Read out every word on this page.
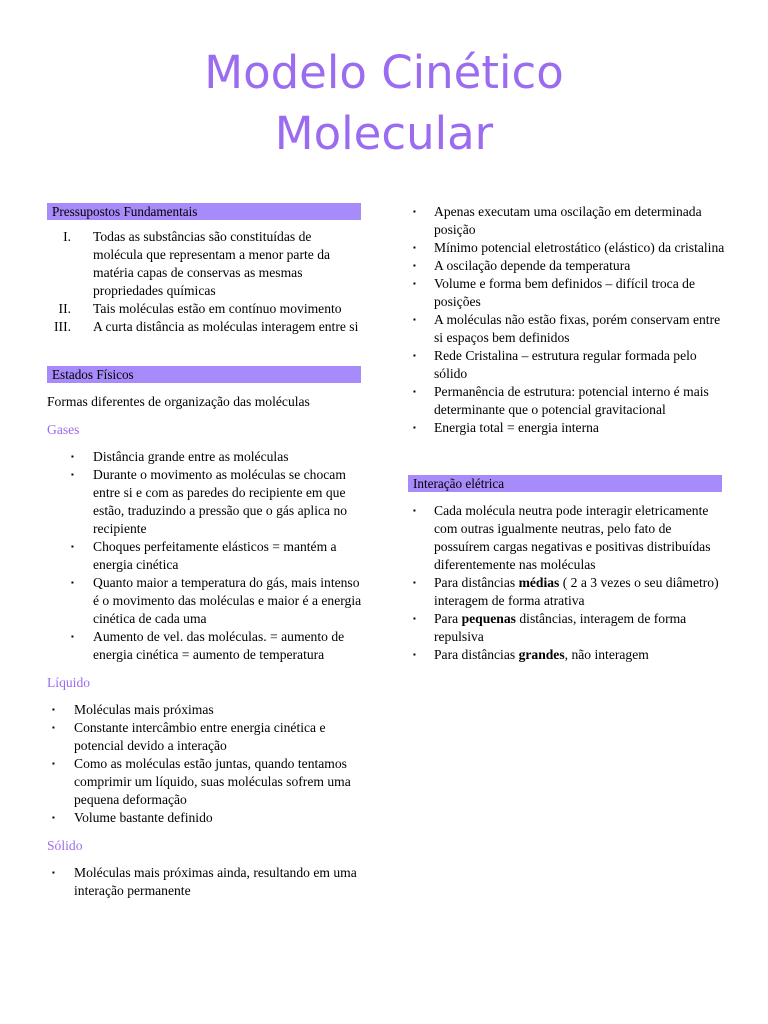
Modelo Cinético
Molecular
Pressupostos Fundamentais
I. Todas as substâncias são constituídas de molécula que representam a menor parte da matéria capas de conservas as mesmas propriedades químicas
II. Tais moléculas estão em contínuo movimento
III. A curta distância as moléculas interagem entre si
Estados Físicos

Formas diferentes de organização das moléculas

Gases

▪ Distância grande entre as moléculas
▪ Durante o movimento as moléculas se chocam entre si e com as paredes do recipiente em que estão, traduzindo a pressão que o gás aplica no recipiente
▪ Choques perfeitamente elásticos = mantém a energia cinética
▪ Quanto maior a temperatura do gás, mais intenso é o movimento das moléculas e maior é a energia cinética de cada uma
▪ Aumento de vel. das moléculas. = aumento de energia cinética = aumento de temperatura

Líquido

▪ Moléculas mais próximas
▪ Constante intercâmbio entre energia cinética e potencial devido a interação
▪ Como as moléculas estão juntas, quando tentamos comprimir um líquido, suas moléculas sofrem uma pequena deformação
▪ Volume bastante definido

Sólido

▪ Moléculas mais próximas ainda, resultando em uma interação permanente
▪ Apenas executam uma oscilação em determinada posição
▪ Mínimo potencial eletrostático (elástico) da cristalina
▪ A oscilação depende da temperatura
▪ Volume e forma bem definidos – difícil troca de posições
▪ A moléculas não estão fixas, porém conservam entre si espaços bem definidos
▪ Rede Cristalina – estrutura regular formada pelo sólido
▪ Permanência de estrutura: potencial interno é mais determinante que o potencial gravitacional
▪ Energia total = energia interna
Interação elétrica
▪ Cada molécula neutra pode interagir eletricamente com outras igualmente neutras, pelo fato de possuírem cargas negativas e positivas distribuídas diferentemente nas moléculas
▪ Para distâncias médias ( 2 a 3 vezes o seu diâmetro) interagem de forma atrativa
▪ Para pequenas distâncias, interagem de forma repulsiva
▪ Para distâncias grandes, não interagem
